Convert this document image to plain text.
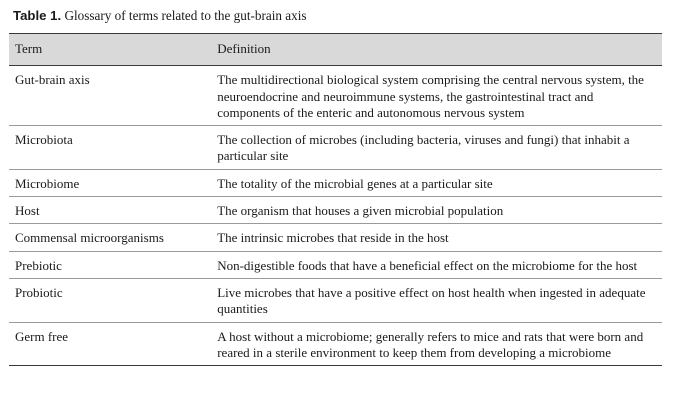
Table 1. Glossary of terms related to the gut-brain axis
Term	Definition
Gut-brain axis	The multidirectional biological system comprising the central nervous system, the neuroendocrine and neuroimmune systems, the gastrointestinal tract and components of the enteric and autonomous nervous system
Microbiota	The collection of microbes (including bacteria, viruses and fungi) that inhabit a particular site
Microbiome	The totality of the microbial genes at a particular site
Host	The organism that houses a given microbial population
Commensal microorganisms	The intrinsic microbes that reside in the host
Prebiotic	Non-digestible foods that have a beneficial effect on the microbiome for the host
Probiotic	Live microbes that have a positive effect on host health when ingested in adequate quantities
Germ free	A host without a microbiome; generally refers to mice and rats that were born and reared in a sterile environment to keep them from developing a microbiome
